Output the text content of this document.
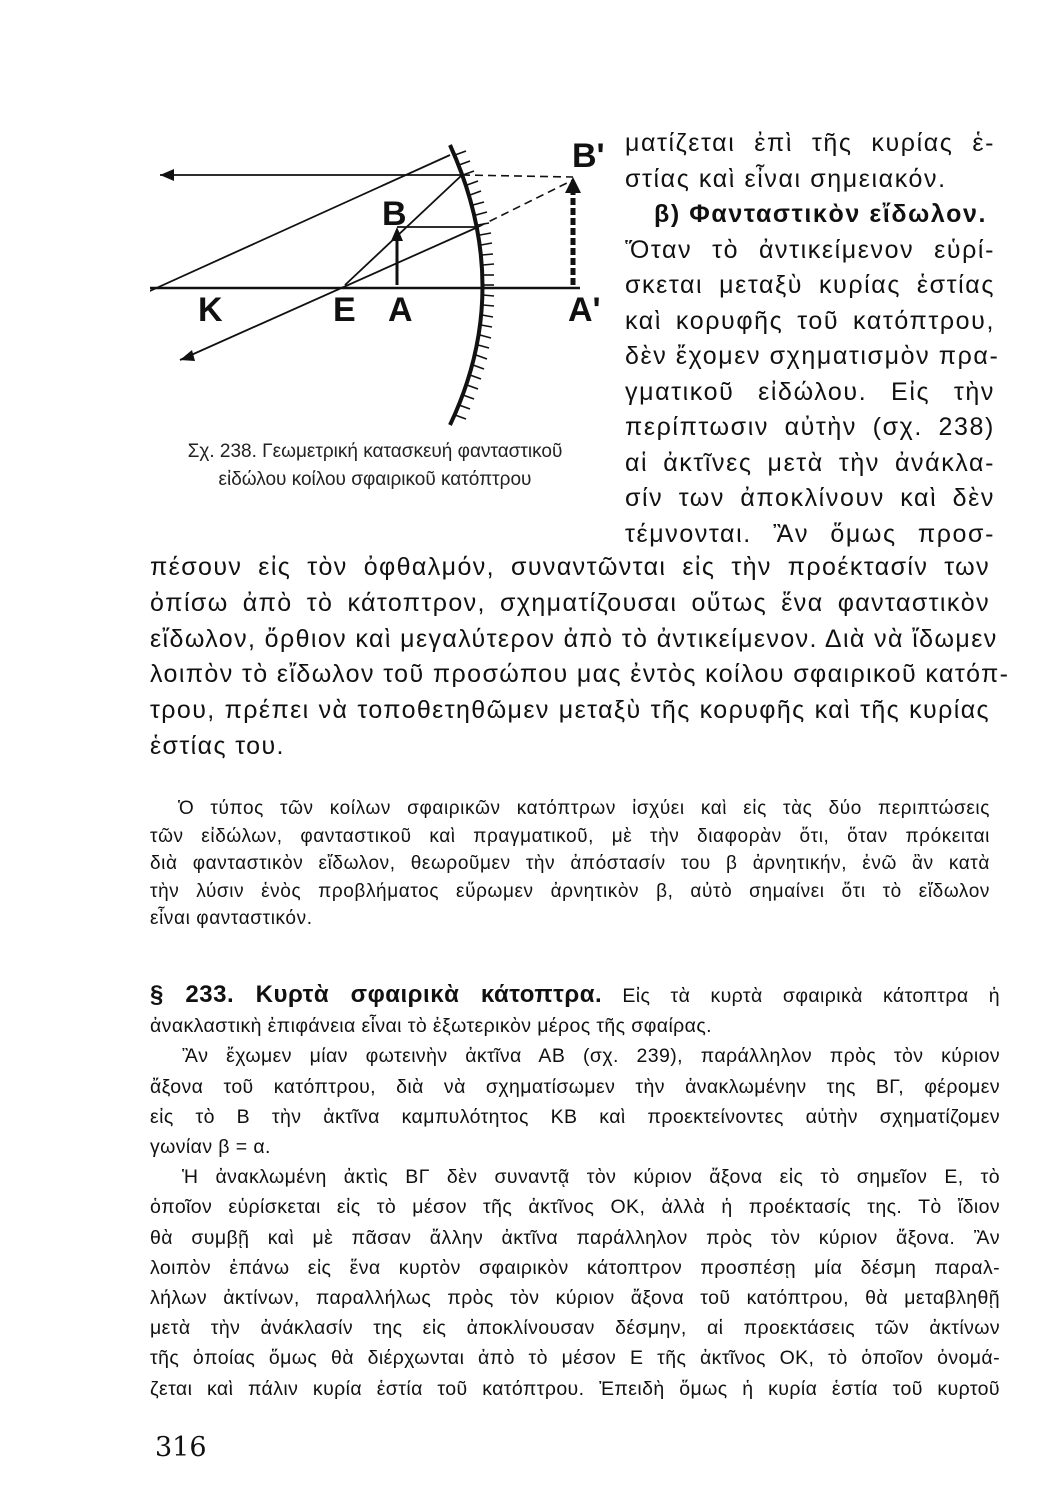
B'
B
K	E A	A'
Σχ. 238. Γεωμετρική κατασκευή φανταστικοῦ
εἰδώλου κοίλου σφαιρικοῦ κατόπτρου
ματίζεται ἐπὶ τῆς κυρίας ἑ-
στίας καὶ εἶναι σημειακόν.
β) Φανταστικὸν εἴδωλον.
Ὅταν τὸ ἀντικείμενον εὑρί-
σκεται μεταξὺ κυρίας ἑστίας
καὶ κορυφῆς τοῦ κατόπτρου,
δὲν ἔχομεν σχηματισμὸν πρα-
γματικοῦ εἰδώλου. Εἰς τὴν
περίπτωσιν αὐτὴν (σχ. 238)
αἱ ἀκτῖνες μετὰ τὴν ἀνάκλα-
σίν των ἀποκλίνουν καὶ δὲν
τέμνονται. Ἂν ὅμως προσ-
πέσουν εἰς τὸν ὀφθαλμόν, συναντῶνται εἰς τὴν προέκτασίν των
ὀπίσω ἀπὸ τὸ κάτοπτρον, σχηματίζουσαι οὕτως ἕνα φανταστικὸν
εἴδωλον, ὄρθιον καὶ μεγαλύτερον ἀπὸ τὸ ἀντικείμενον. Διὰ νὰ ἴδωμεν
λοιπὸν τὸ εἴδωλον τοῦ προσώπου μας ἐντὸς κοίλου σφαιρικοῦ κατόπ-
τρου, πρέπει νὰ τοποθετηθῶμεν μεταξὺ τῆς κορυφῆς καὶ τῆς κυρίας
ἑστίας του.
Ὁ τύπος τῶν κοίλων σφαιρικῶν κατόπτρων ἰσχύει καὶ εἰς τὰς δύο περιπτώσεις
τῶν εἰδώλων, φανταστικοῦ καὶ πραγματικοῦ, μὲ τὴν διαφορὰν ὅτι, ὅταν πρόκειται
διὰ φανταστικὸν εἴδωλον, θεωροῦμεν τὴν ἀπόστασίν του β ἀρνητικήν, ἐνῶ ἂν κατὰ
τὴν λύσιν ἑνὸς προβλήματος εὕρωμεν ἀρνητικὸν β, αὐτὸ σημαίνει ὅτι τὸ εἴδωλον
εἶναι φανταστικόν.
§ 233. Κυρτὰ σφαιρικὰ κάτοπτρα. Εἰς τὰ κυρτὰ σφαιρικὰ κάτοπτρα ἡ
ἀνακλαστικὴ ἐπιφάνεια εἶναι τὸ ἐξωτερικὸν μέρος τῆς σφαίρας.
Ἂν ἔχωμεν μίαν φωτεινὴν ἀκτῖνα ΑΒ (σχ. 239), παράλληλον πρὸς τὸν κύριον
ἄξονα τοῦ κατόπτρου, διὰ νὰ σχηματίσωμεν τὴν ἀνακλωμένην της ΒΓ, φέρομεν
εἰς τὸ Β τὴν ἀκτῖνα καμπυλότητος ΚΒ καὶ προεκτείνοντες αὐτὴν σχηματίζομεν
γωνίαν β = α.
Ἡ ἀνακλωμένη ἀκτὶς ΒΓ δὲν συναντᾷ τὸν κύριον ἄξονα εἰς τὸ σημεῖον Ε, τὸ
ὁποῖον εὑρίσκεται εἰς τὸ μέσον τῆς ἀκτῖνος ΟΚ, ἀλλὰ ἡ προέκτασίς της. Τὸ ἴδιον
θὰ συμβῇ καὶ μὲ πᾶσαν ἄλλην ἀκτῖνα παράλληλον πρὸς τὸν κύριον ἄξονα. Ἂν
λοιπὸν ἐπάνω εἰς ἕνα κυρτὸν σφαιρικὸν κάτοπτρον προσπέσῃ μία δέσμη παραλ-
λήλων ἀκτίνων, παραλλήλως πρὸς τὸν κύριον ἄξονα τοῦ κατόπτρου, θὰ μεταβληθῇ
μετὰ τὴν ἀνάκλασίν της εἰς ἀποκλίνουσαν δέσμην, αἱ προεκτάσεις τῶν ἀκτίνων
τῆς ὁποίας ὅμως θὰ διέρχωνται ἀπὸ τὸ μέσον Ε τῆς ἀκτῖνος ΟΚ, τὸ ὁποῖον ὀνομά-
ζεται καὶ πάλιν κυρία ἑστία τοῦ κατόπτρου. Ἐπειδὴ ὅμως ἡ κυρία ἑστία τοῦ κυρτοῦ
316
